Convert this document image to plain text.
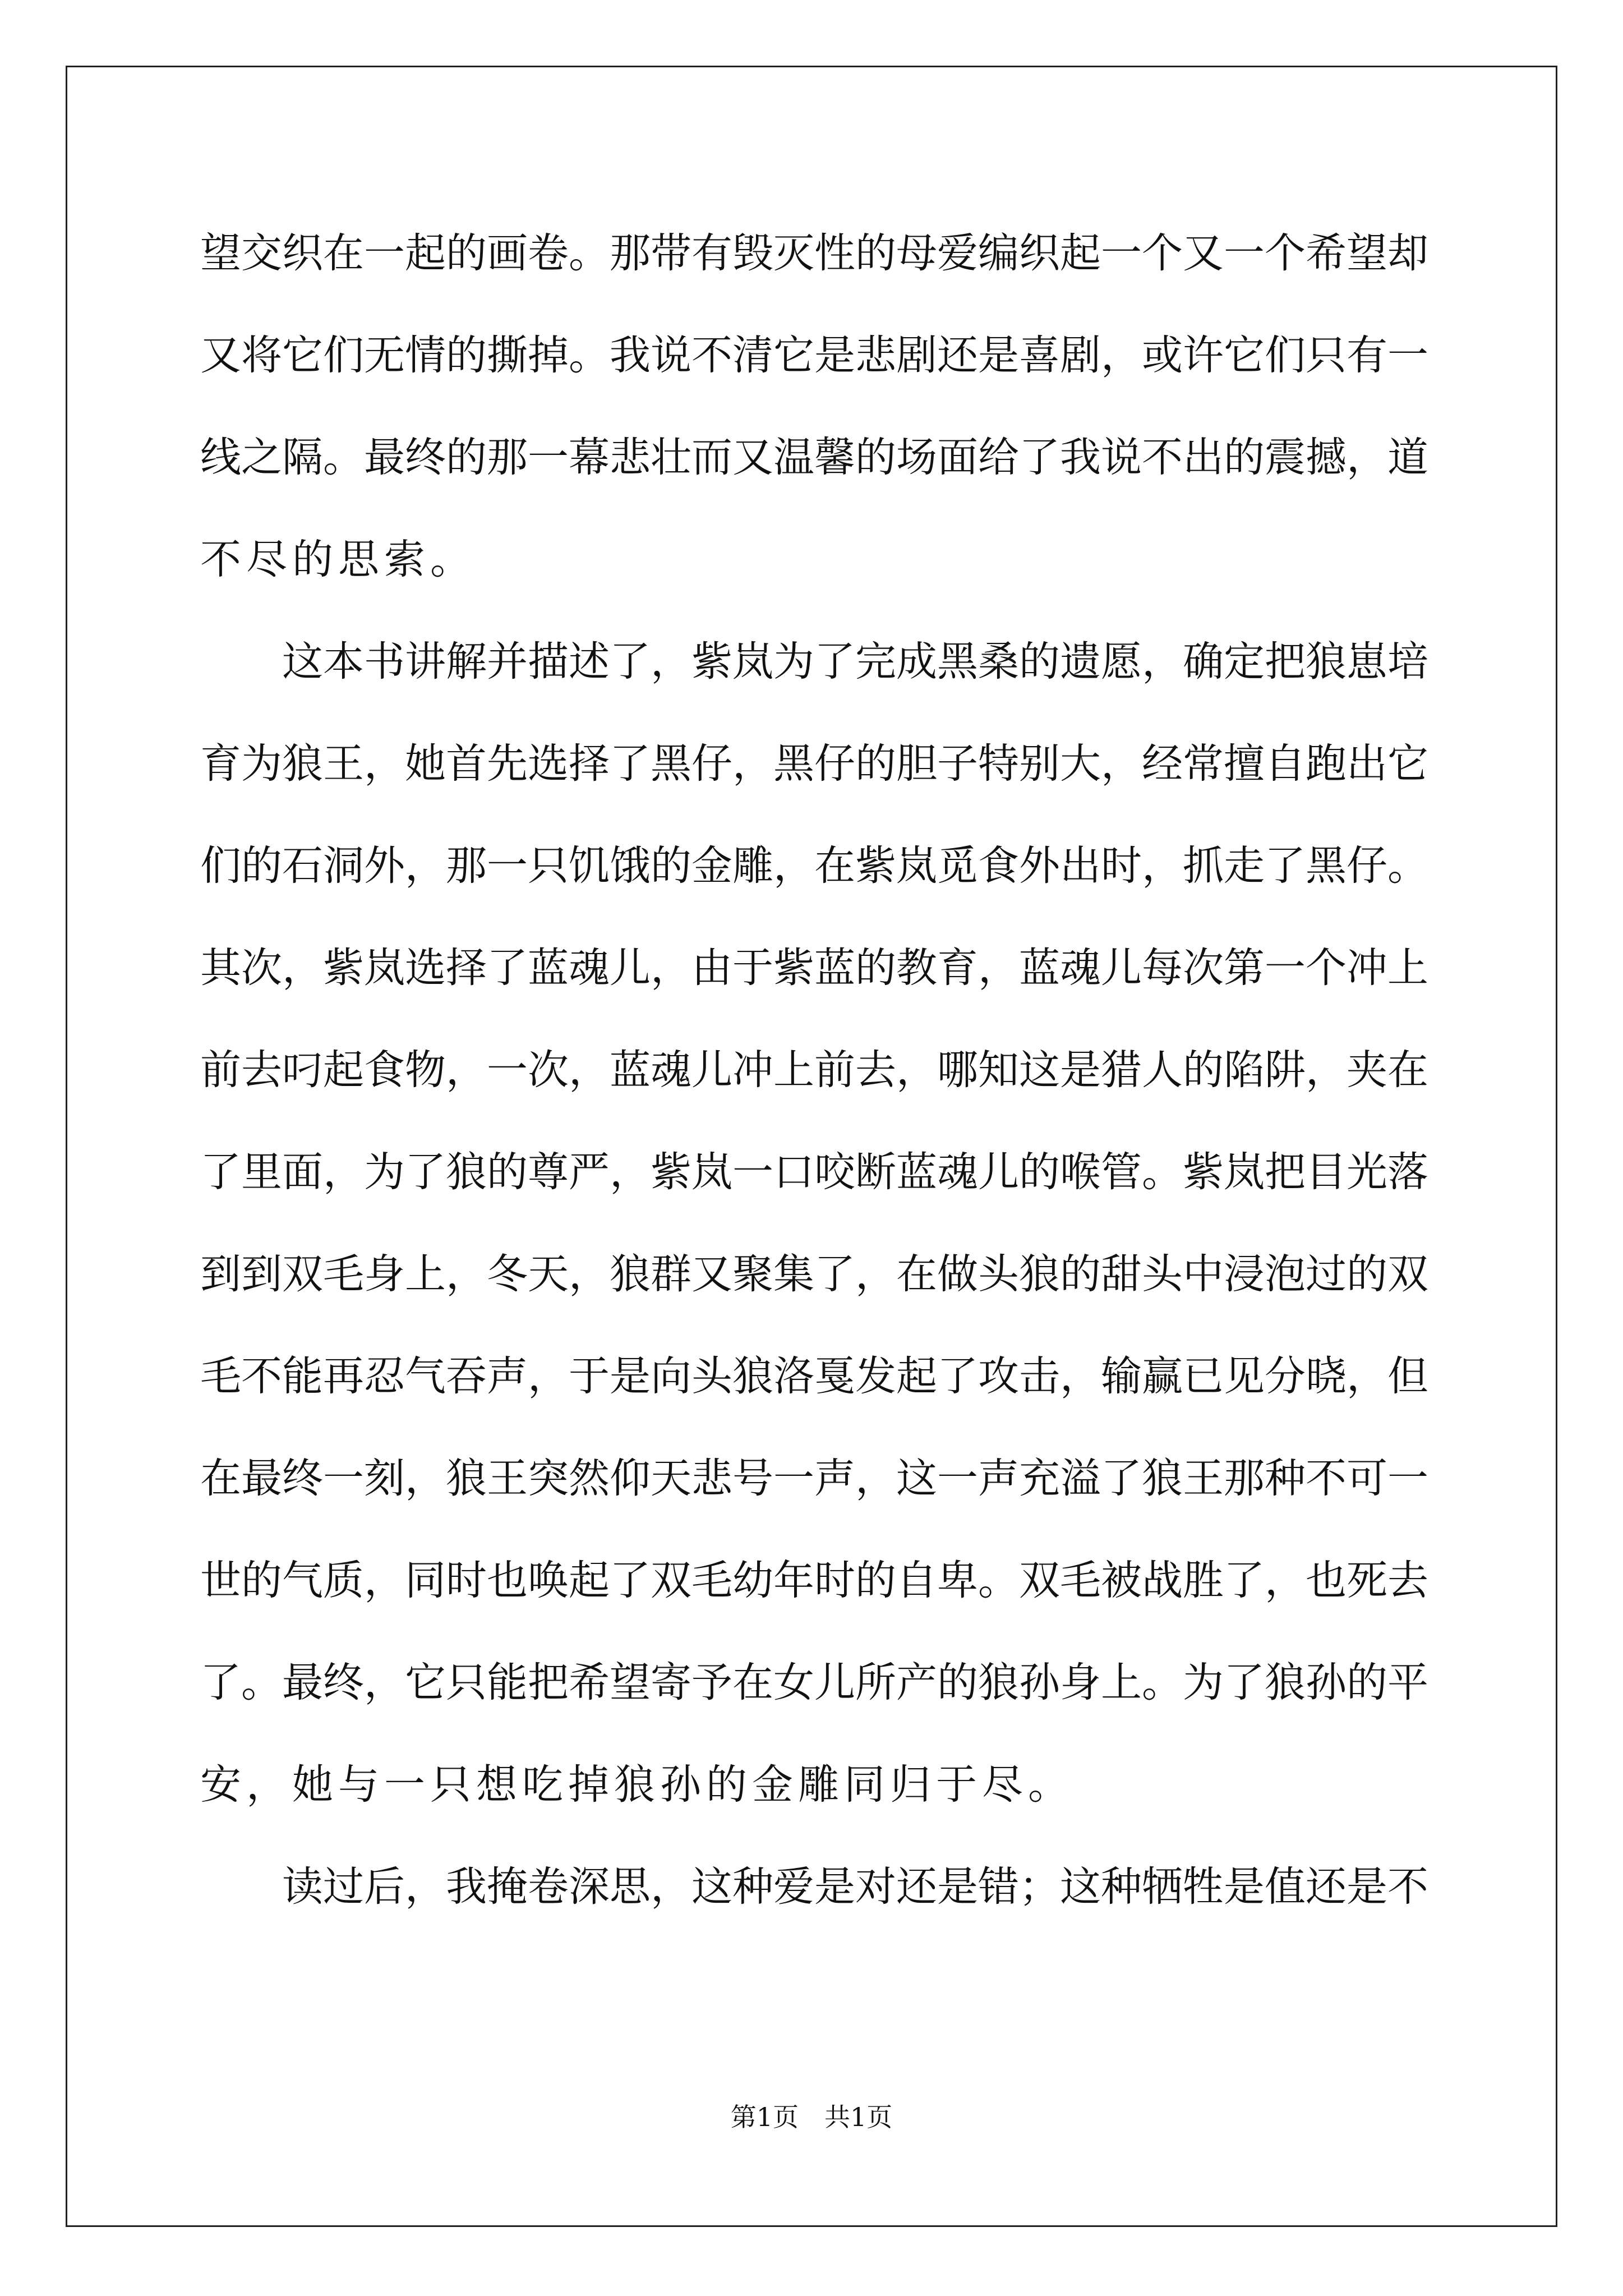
望交织在一起的画卷。那带有毁灭性的母爱编织起一个又一个希望却
又将它们无情的撕掉。我说不清它是悲剧还是喜剧，或许它们只有一
线之隔。最终的那一幕悲壮而又温馨的场面给了我说不出的震撼，道
不尽的思索。
这本书讲解并描述了，紫岚为了完成黑桑的遗愿，确定把狼崽培
育为狼王，她首先选择了黑仔，黑仔的胆子特别大，经常擅自跑出它
们的石洞外，那一只饥饿的金雕，在紫岚觅食外出时，抓走了黑仔。
其次，紫岚选择了蓝魂儿，由于紫蓝的教育，蓝魂儿每次第一个冲上
前去叼起食物，一次，蓝魂儿冲上前去，哪知这是猎人的陷阱，夹在
了里面，为了狼的尊严，紫岚一口咬断蓝魂儿的喉管。紫岚把目光落
到到双毛身上，冬天，狼群又聚集了，在做头狼的甜头中浸泡过的双
毛不能再忍气吞声，于是向头狼洛戛发起了攻击，输赢已见分晓，但
在最终一刻，狼王突然仰天悲号一声，这一声充溢了狼王那种不可一
世的气质，同时也唤起了双毛幼年时的自卑。双毛被战胜了，也死去
了。最终，它只能把希望寄予在女儿所产的狼孙身上。为了狼孙的平
安，她与一只想吃掉狼孙的金雕同归于尽。
读过后，我掩卷深思，这种爱是对还是错；这种牺牲是值还是不
第1页 共1页
